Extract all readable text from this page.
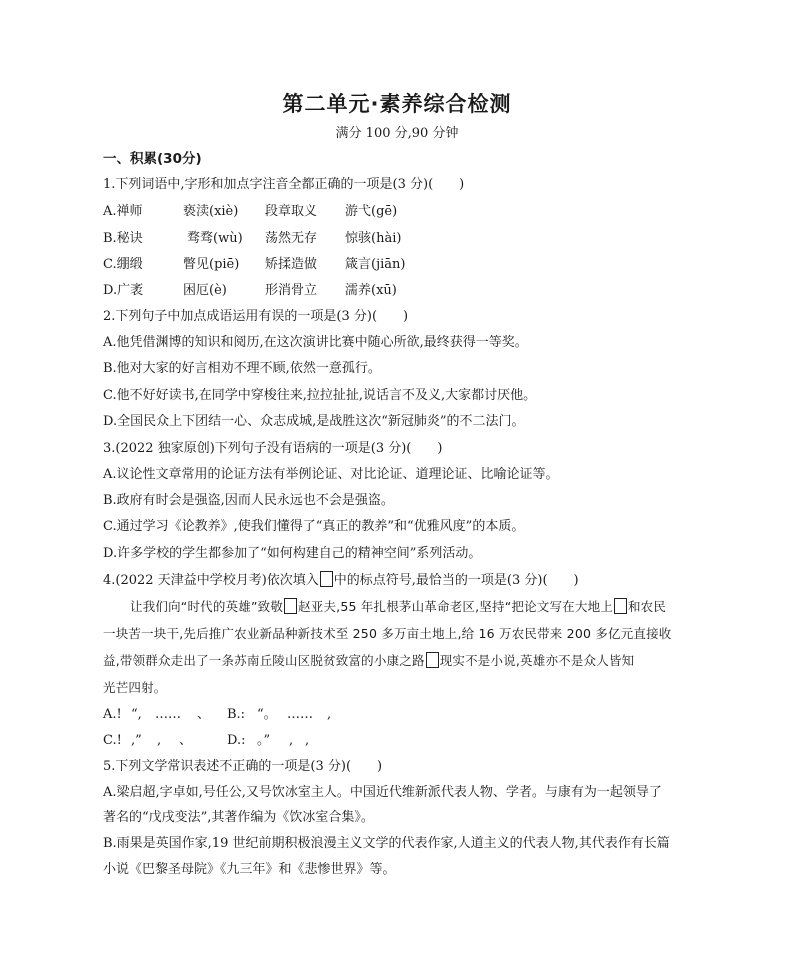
第二单元·素养综合检测
满分 100 分,90 分钟
一、积累(30分)
1.下列词语中,字形和加点字注音全都正确的一项是(3 分)(　　)
A.禅师	亵渎(xiè) 段章取义 游弋(gē)
B.秘诀	骛骛(wù) 荡然无存 惊骇(hài)
C.绷缎	瞥见(piē) 矫揉造做 箴言(jiān)
D.广袤	困厄(è)	形消骨立 濡养(xū)
2.下列句子中加点成语运用有误的一项是(3 分)(　　)
A.他凭借渊博的知识和阅历,在这次演讲比赛中随心所欲,最终获得一等奖。
B.他对大家的好言相劝不理不顾,依然一意孤行。
C.他不好好读书,在同学中穿梭往来,拉拉扯扯,说话言不及义,大家都讨厌他。
D.全国民众上下团结一心、众志成城,是战胜这次“新冠肺炎”的不二法门。
3.(2022 独家原创)下列句子没有语病的一项是(3 分)(　　)
A.议论性文章常用的论证方法有举例论证、对比论证、道理论证、比喻论证等。
B.政府有时会是强盗,因而人民永远也不会是强盗。
C.通过学习《论教养》,使我们懂得了“真正的教养”和“优雅风度”的本质。
D.许多学校的学生都参加了“如何构建自己的精神空间”系列活动。
4.(2022 天津益中学校月考)依次填入 中的标点符号,最恰当的一项是(3 分)(　　)
让我们向“时代的英雄”致敬 赵亚夫,55 年扎根茅山革命老区,坚持“把论文写在大地上 和农民
一块苦一块干,先后推广农业新品种新技术至 250 多万亩土地上,给 16 万农民带来 200 多亿元直接收
益,带领群众走出了一条苏南丘陵山区脱贫致富的小康之路 现实不是小说,英雄亦不是众人皆知
光芒四射。
A.! “, …… 、 B.: “。 …… ,
C.! ,” , 、	D.: 。” , ,
5.下列文学常识表述不正确的一项是(3 分)(　　)
A.梁启超,字卓如,号任公,又号饮冰室主人。中国近代维新派代表人物、学者。与康有为一起领导了
著名的“戊戌变法”,其著作编为《饮冰室合集》。
B.雨果是英国作家,19 世纪前期积极浪漫主义文学的代表作家,人道主义的代表人物,其代表作有长篇
小说《巴黎圣母院》《九三年》和《悲惨世界》等。
